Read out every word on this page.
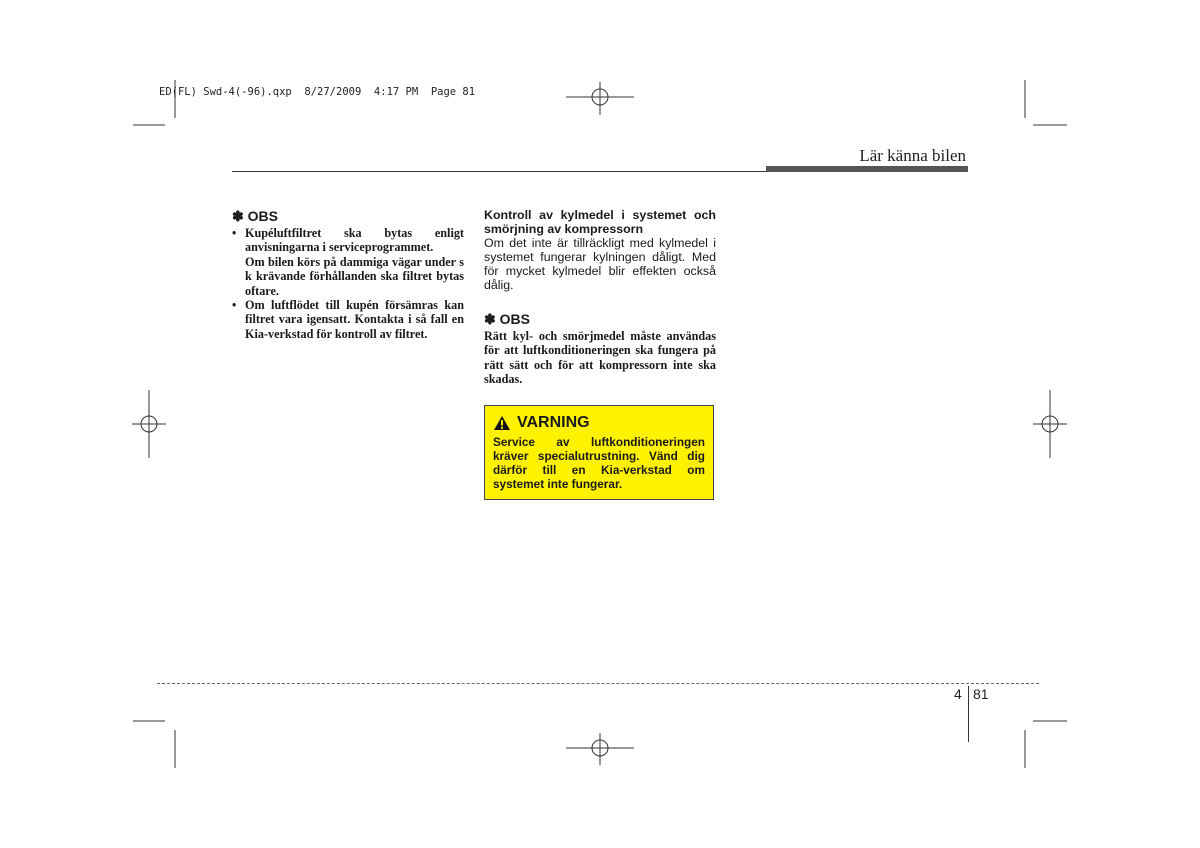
ED(FL) Swd-4(-96).qxp  8/27/2009  4:17 PM  Page 81
Lär känna bilen
✽ OBS
• Kupéluftfiltret ska bytas enligt anvisningarna i serviceprogrammet.

Om bilen körs på dammiga vägar under s k krävande förhållanden ska filtret bytas oftare.

• Om luftflödet till kupén försämras kan filtret vara igensatt. Kontakta i så fall en Kia-verkstad för kontroll av filtret.

Kontroll av kylmedel i systemet och smörjning av kompressorn

Om det inte är tillräckligt med kylmedel i systemet fungerar kylningen dåligt. Med för mycket kylmedel blir effekten också dålig.

✽ OBS

Rätt kyl- och smörjmedel måste användas för att luftkonditioneringen ska fungera på rätt sätt och för att kompressorn inte ska skadas.

VARNING
Service av luftkonditioneringen kräver specialutrustning. Vänd dig därför till en Kia-verkstad om systemet inte fungerar.
4 81
